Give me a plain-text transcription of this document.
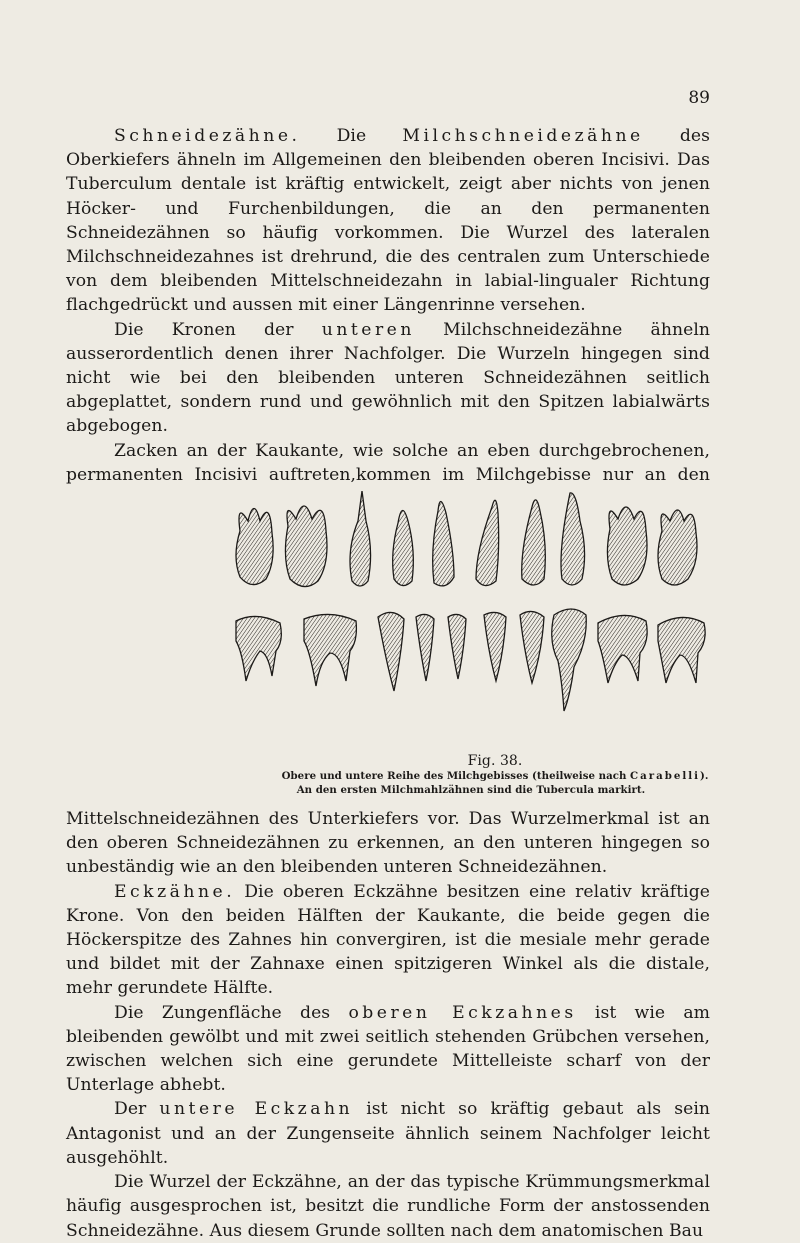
89

Schneidezähne. Die Milchschneidezähne des Oberkiefers ähneln im Allgemeinen den bleibenden oberen Incisivi. Das Tuberculum dentale ist kräftig entwickelt, zeigt aber nichts von jenen Höcker- und Furchenbildungen, die an den permanenten Schneidezähnen so häufig vorkommen. Die Wurzel des lateralen Milchschneidezahnes ist drehrund, die des centralen zum Unterschiede von dem bleibenden Mittelschneidezahn in labial-lingualer Richtung flachgedrückt und aussen mit einer Längenrinne versehen.

Die Kronen der unteren Milchschneidezähne ähneln ausserordentlich denen ihrer Nachfolger. Die Wurzeln hingegen sind nicht wie bei den bleibenden unteren Schneidezähnen seitlich abgeplattet, sondern rund und gewöhnlich mit den Spitzen labialwärts abgebogen.

Zacken an der Kaukante, wie solche an eben durchgebrochenen, permanenten Incisivi
Fig. 38.
Obere und untere Reihe des Milchgebisses (theilweise nach Carabelli). An den ersten Milchmahlzähnen sind die Tubercula markirt.
auftreten,kommen im Milchgebisse nur an den Mittelschneidezähnen des Unterkiefers vor. Das Wurzelmerkmal ist an den oberen Schneidezähnen zu erkennen, an den unteren hingegen so unbeständig wie an den bleibenden unteren Schneidezähnen.

Eckzähne. Die oberen Eckzähne besitzen eine relativ kräftige Krone. Von den beiden Hälften der Kaukante, die beide gegen die Höckerspitze des Zahnes hin convergiren, ist die mesiale mehr gerade und bildet mit der Zahnaxe einen spitzigeren Winkel als die distale, mehr gerundete Hälfte.

Die Zungenfläche des oberen Eckzahnes ist wie am bleibenden gewölbt und mit zwei seitlich stehenden Grübchen versehen, zwischen welchen sich eine gerundete Mittelleiste scharf von der Unterlage abhebt.

Der untere Eckzahn ist nicht so kräftig gebaut als sein Antagonist und an der Zungenseite ähnlich seinem Nachfolger leicht ausgehöhlt.

Die Wurzel der Eckzähne, an der das typische Krümmungsmerkmal häufig ausgesprochen ist, besitzt die rundliche Form der anstossenden Schneidezähne. Aus diesem Grunde sollten nach dem anatomischen Bau
